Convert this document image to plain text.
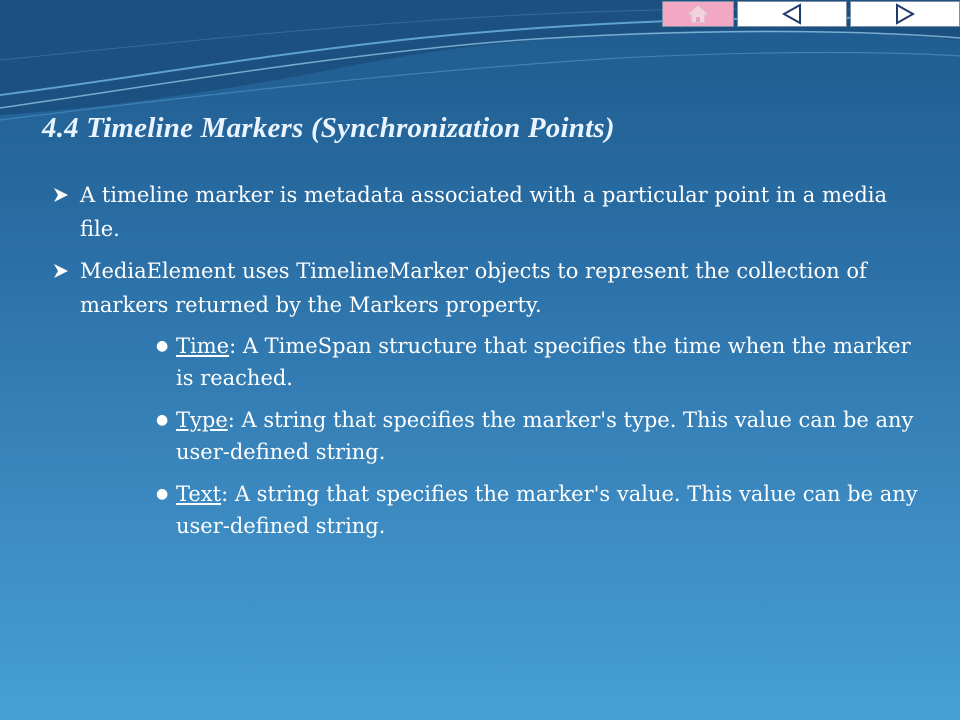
4.4 Timeline Markers (Synchronization Points)
A timeline marker is metadata associated with a particular point in a media file.
MediaElement uses TimelineMarker objects to represent the collection of markers returned by the Markers property.
● Time: A TimeSpan structure that specifies the time when the marker is reached.
● Type: A string that specifies the marker's type. This value can be any user-defined string.
● Text: A string that specifies the marker's value. This value can be any user-defined string.
